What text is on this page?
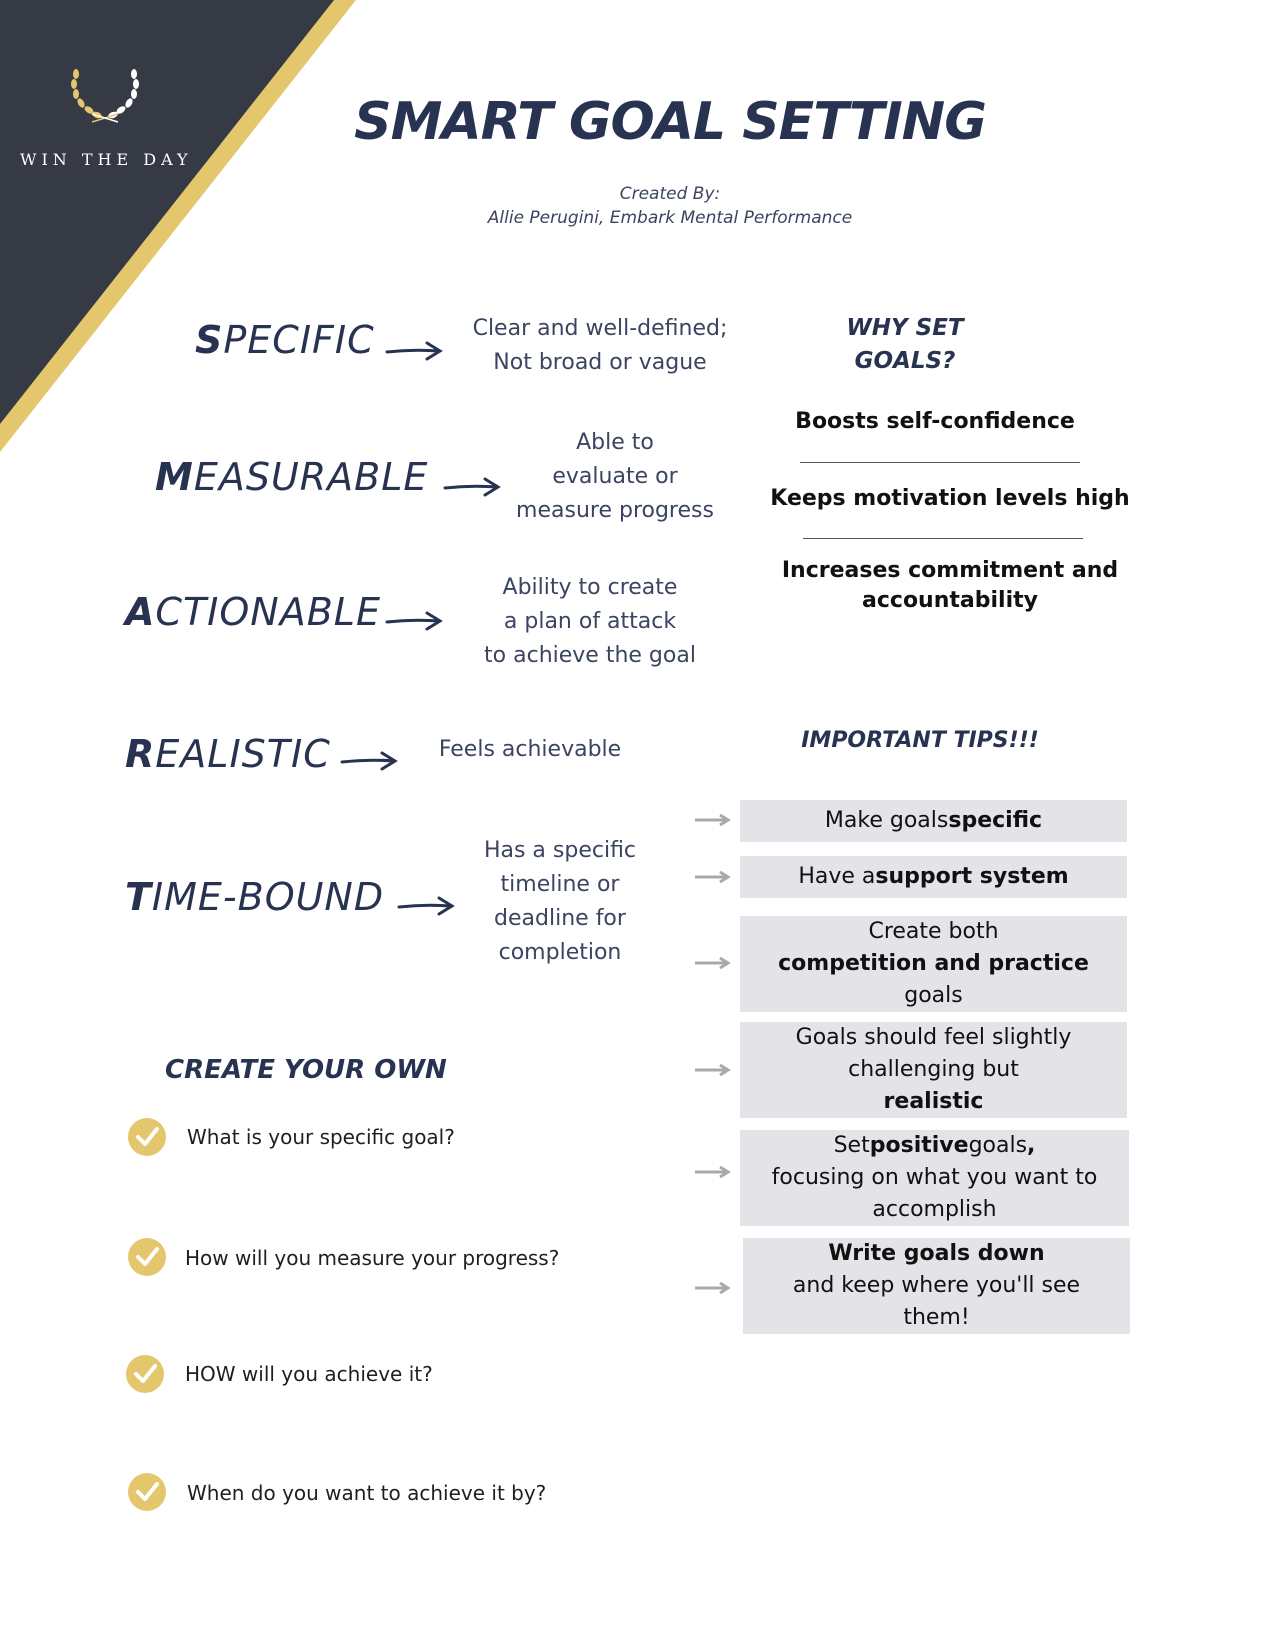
WIN THE DAY
SMART GOAL SETTING
Created By:
Allie Perugini, Embark Mental Performance
SPECIFIC	Clear and well-defined;
Not broad or vague
MEASURABLE
Able to
evaluate or
measure progress
ACTIONABLE
Ability to create
a plan of attack
to achieve the goal
REALISTIC	Feels achievable
TIME-BOUND
Has a specific
timeline or
deadline for
completion
WHY SET
GOALS?
Boosts self-confidence
Keeps motivation levels high
Increases commitment and accountability
IMPORTANT TIPS!!!
Make goalsspecific
Have asupport system
Create bothcompetition and practicegoals
Goals should feel slightly challenging butrealistic
Setpositivegoals,focusing on what you want to accomplish
Write goals downand keep where you'll see them!
CREATE YOUR OWN
What is your specific goal?
How will you measure your progress?
HOW will you achieve it?
When do you want to achieve it by?
